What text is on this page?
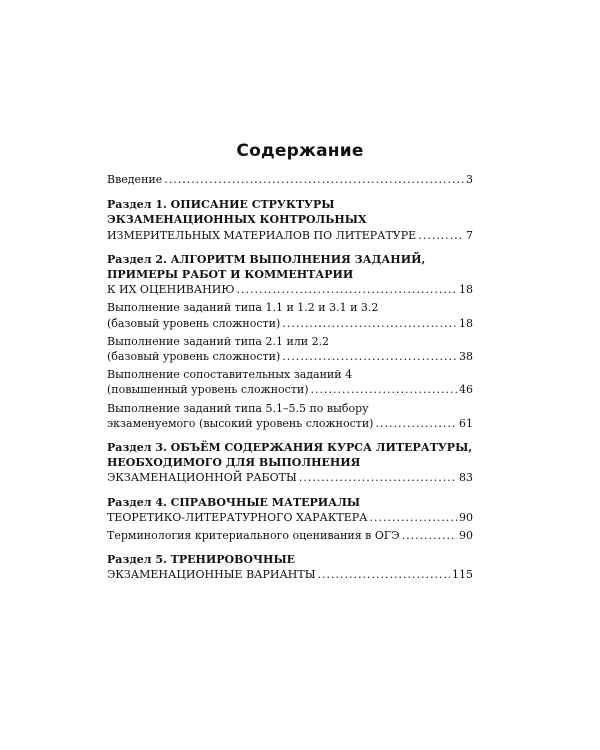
Содержание
Введение .....	3
Раздел 1. ОПИСАНИЕ СТРУКТУРЫ
ЭКЗАМЕНАЦИОННЫХ КОНТРОЛЬНЫХ
ИЗМЕРИТЕЛЬНЫХ МАТЕРИАЛОВ ПО ЛИТЕРАТУРЕ .....	7
Раздел 2. АЛГОРИТМ ВЫПОЛНЕНИЯ ЗАДАНИЙ,
ПРИМЕРЫ РАБОТ И КОММЕНТАРИИ
К ИХ ОЦЕНИВАНИЮ .....	18
Выполнение заданий типа 1.1 и 1.2 и 3.1 и 3.2
(базовый уровень сложности) .....	18
Выполнение заданий типа 2.1 или 2.2
(базовый уровень сложности) .....	38
Выполнение сопоставительных заданий 4
(повышенный уровень сложности) .....	46
Выполнение заданий типа 5.1–5.5 по выбору
экзаменуемого (высокий уровень сложности) .....	61
Раздел 3. ОБЪЁМ СОДЕРЖАНИЯ КУРСА ЛИТЕРАТУРЫ,
НЕОБХОДИМОГО ДЛЯ ВЫПОЛНЕНИЯ
ЭКЗАМЕНАЦИОННОЙ РАБОТЫ .....	83
Раздел 4. СПРАВОЧНЫЕ МАТЕРИАЛЫ
ТЕОРЕТИКО-ЛИТЕРАТУРНОГО ХАРАКТЕРА .....	90
Терминология критериального оценивания в ОГЭ .....	90
Раздел 5. ТРЕНИРОВОЧНЫЕ
ЭКЗАМЕНАЦИОННЫЕ ВАРИАНТЫ .....	115
